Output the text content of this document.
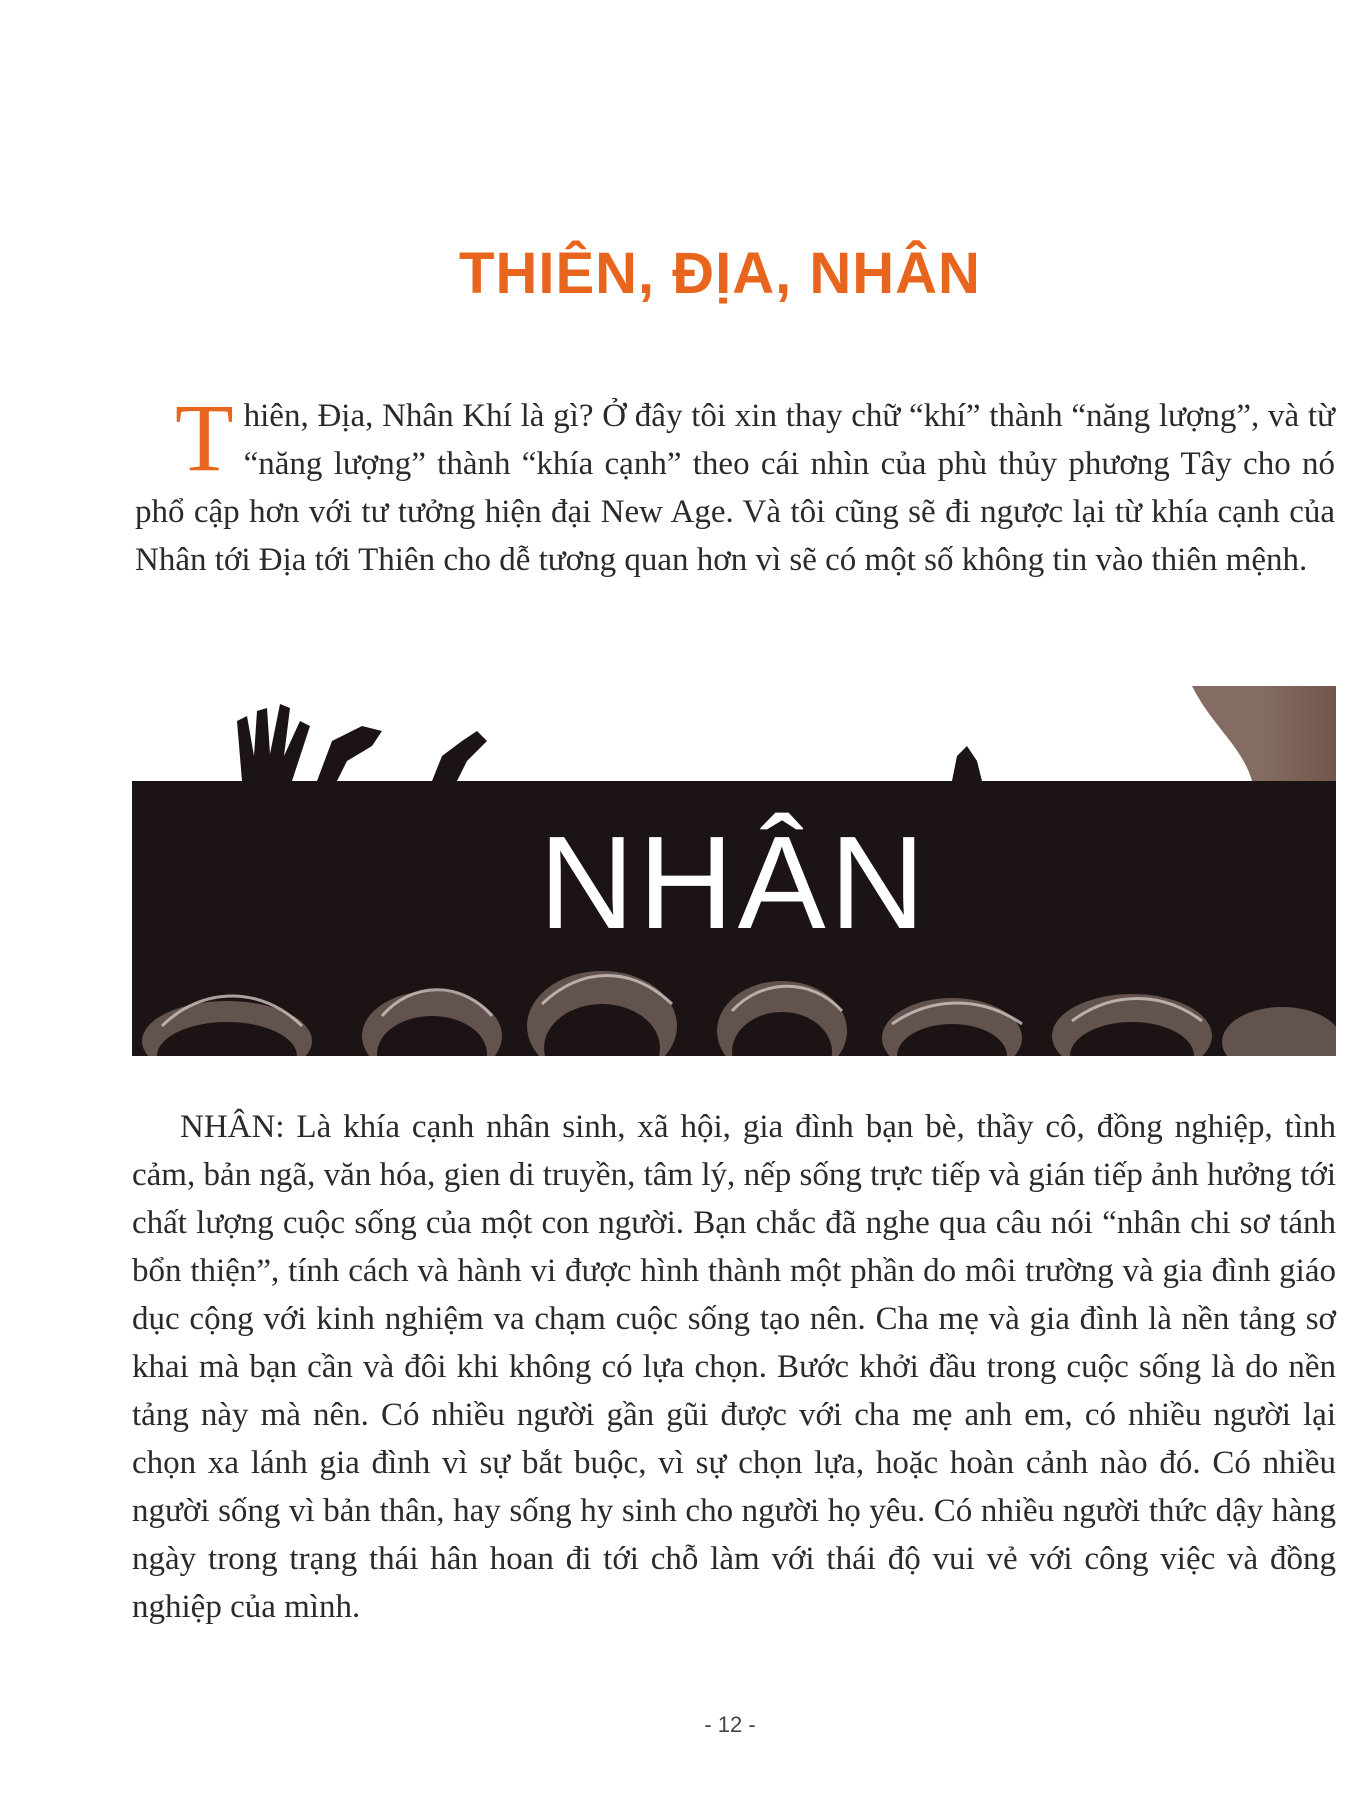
THIÊN, ĐỊA, NHÂN

Thiên, Địa, Nhân Khí là gì? Ở đây tôi xin thay chữ “khí” thành “năng lượng”, và từ “năng lượng” thành “khía cạnh” theo cái nhìn của phù thủy phương Tây cho nó phổ cập hơn với tư tưởng hiện đại New Age. Và tôi cũng sẽ đi ngược lại từ khía cạnh của Nhân tới Địa tới Thiên cho dễ tương quan hơn vì sẽ có một số không tin vào thiên mệnh.

NHÂN

NHÂN: Là khía cạnh nhân sinh, xã hội, gia đình bạn bè, thầy cô, đồng nghiệp, tình cảm, bản ngã, văn hóa, gien di truyền, tâm lý, nếp sống trực tiếp và gián tiếp ảnh hưởng tới chất lượng cuộc sống của một con người. Bạn chắc đã nghe qua câu nói “nhân chi sơ tánh bổn thiện”, tính cách và hành vi được hình thành một phần do môi trường và gia đình giáo dục cộng với kinh nghiệm va chạm cuộc sống tạo nên. Cha mẹ và gia đình là nền tảng sơ khai mà bạn cần và đôi khi không có lựa chọn. Bước khởi đầu trong cuộc sống là do nền tảng này mà nên. Có nhiều người gần gũi được với cha mẹ anh em, có nhiều người lại chọn xa lánh gia đình vì sự bắt buộc, vì sự chọn lựa, hoặc hoàn cảnh nào đó. Có nhiều người sống vì bản thân, hay sống hy sinh cho người họ yêu. Có nhiều người thức dậy hàng ngày trong trạng thái hân hoan đi tới chỗ làm với thái độ vui vẻ với công việc và đồng nghiệp của mình.

- 12 -
